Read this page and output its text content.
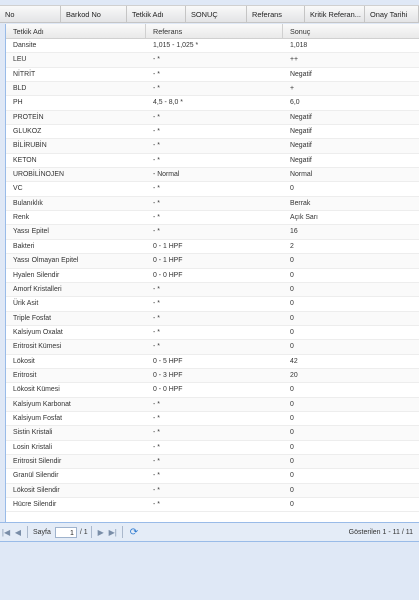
No	Barkod No	Tetkik Adı	SONUÇ	Referans	Kritik Referan...	Onay Tarihi
Tetkik Adı	Referans	Sonuç
Dansite	1,015 - 1,025 *	1,018
LEU	- *	++
NİTRİT	- *	Negatif
BLD	- *	+
PH	4,5 - 8,0 *	6,0
PROTEİN	- *	Negatif
GLUKOZ	- *	Negatif
BİLİRUBİN	- *	Negatif
KETON	- *	Negatif
UROBİLİNOJEN	- Normal	Normal
VC	- *	0
Bulanıklık	- *	Berrak
Renk	- *	Açık Sarı
Yassı Epitel	- *	16
Bakteri	0 - 1 HPF	2
Yassı Olmayan Epitel	0 - 1 HPF	0
Hyalen Silendir	0 - 0 HPF	0
Amorf Kristalleri	- *	0
Ürik Asit	- *	0
Triple Fosfat	- *	0
Kalsiyum Oxalat	- *	0
Eritrosit Kümesi	- *	0
Lökosit	0 - 5 HPF	42
Eritrosit	0 - 3 HPF	20
Lökosit Kümesi	0 - 0 HPF	0
Kalsiyum Karbonat	- *	0
Kalsiyum Fosfat	- *	0
Sistin Kristali	- *	0
Losin Kristali	- *	0
Eritrosit Silendir	- *	0
Granül Silendir	- *	0
Lökosit Silendir	- *	0
Hücre Silendir	- *	0
|◀ ◀	Sayfa	1 / 1	▶ ▶| ⟳	Gösterilen 1 - 11 / 11
